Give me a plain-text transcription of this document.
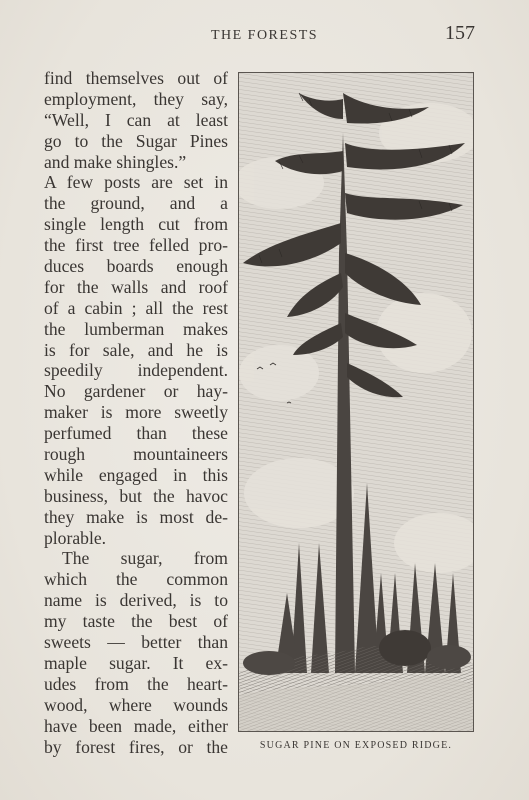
THE FORESTS	157
find themselves out of
employment, they say,
“Well, I can at least
go to the Sugar Pines
and make shingles.”
A few posts are set in
the ground, and a
single length cut from
the first tree felled pro-
duces boards enough
for the walls and roof
of a cabin ; all the rest
the lumberman makes
is for sale, and he is
speedily independent.
No gardener or hay-
maker is more sweetly
perfumed than these
rough mountaineers
while engaged in this
business, but the havoc
they make is most de-
plorable.
The sugar, from
which the common
name is derived, is to
my taste the best of
sweets — better than
maple sugar. It ex-
udes from the heart-
wood, where wounds
have been made, either
by forest fires, or the	SUGAR PINE ON EXPOSED RIDGE.
